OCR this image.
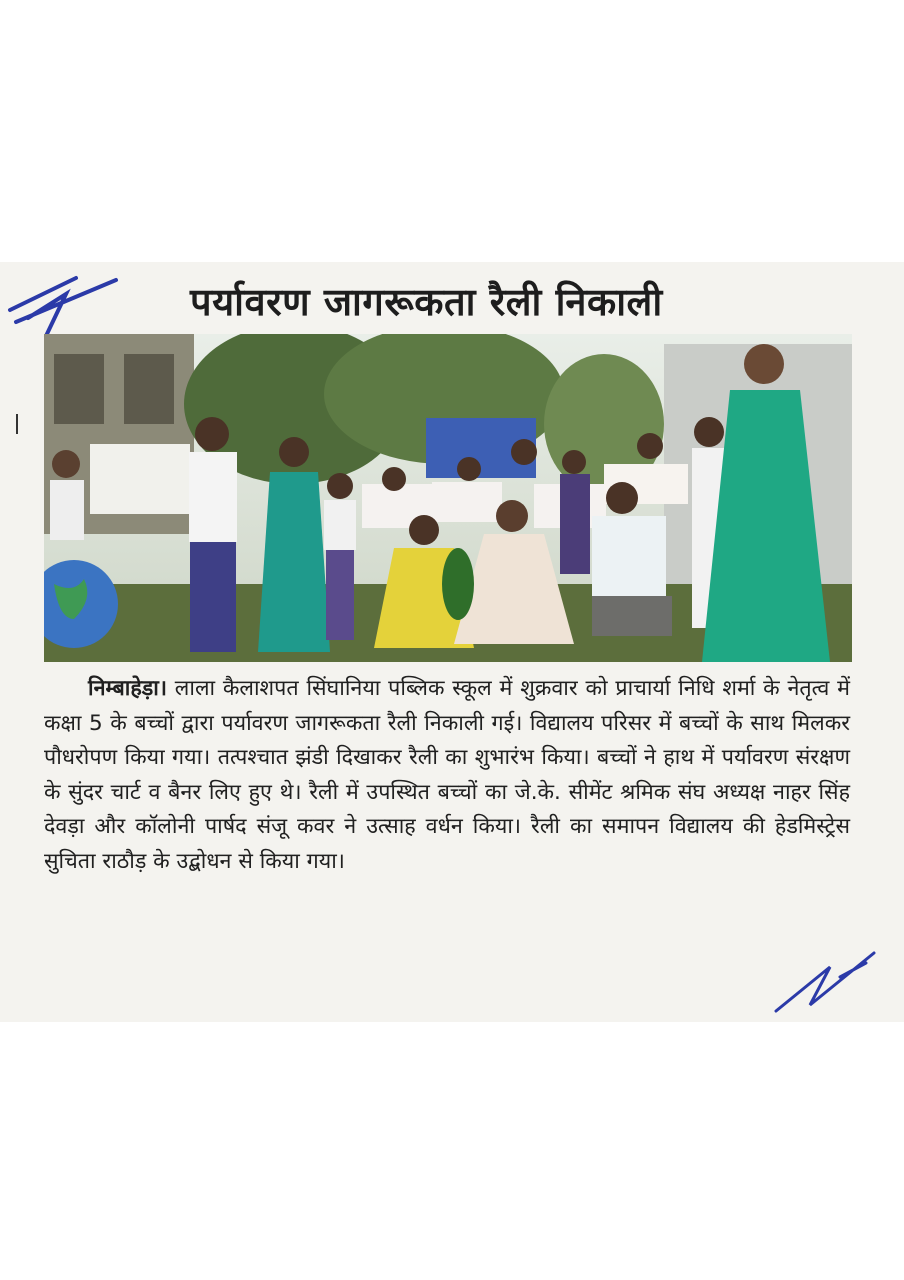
पर्यावरण जागरूकता रैली निकाली
निम्बाहेड़ा। लाला कैलाशपत सिंघानिया पब्लिक स्कूल में शुक्रवार को प्राचार्या निधि शर्मा के नेतृत्व में कक्षा 5 के बच्चों द्वारा पर्यावरण जागरूकता रैली निकाली गई। विद्यालय परिसर में बच्चों के साथ मिलकर पौधरोपण किया गया। तत्पश्चात झंडी दिखाकर रैली का शुभारंभ किया। बच्चों ने हाथ में पर्यावरण संरक्षण के सुंदर चार्ट व बैनर लिए हुए थे। रैली में उपस्थित बच्चों का जे.के. सीमेंट श्रमिक संघ अध्यक्ष नाहर सिंह देवड़ा और कॉलोनी पार्षद संजू कवर ने उत्साह वर्धन किया। रैली का समापन विद्यालय की हेडमिस्ट्रेस सुचिता राठौड़ के उद्बोधन से किया गया।
